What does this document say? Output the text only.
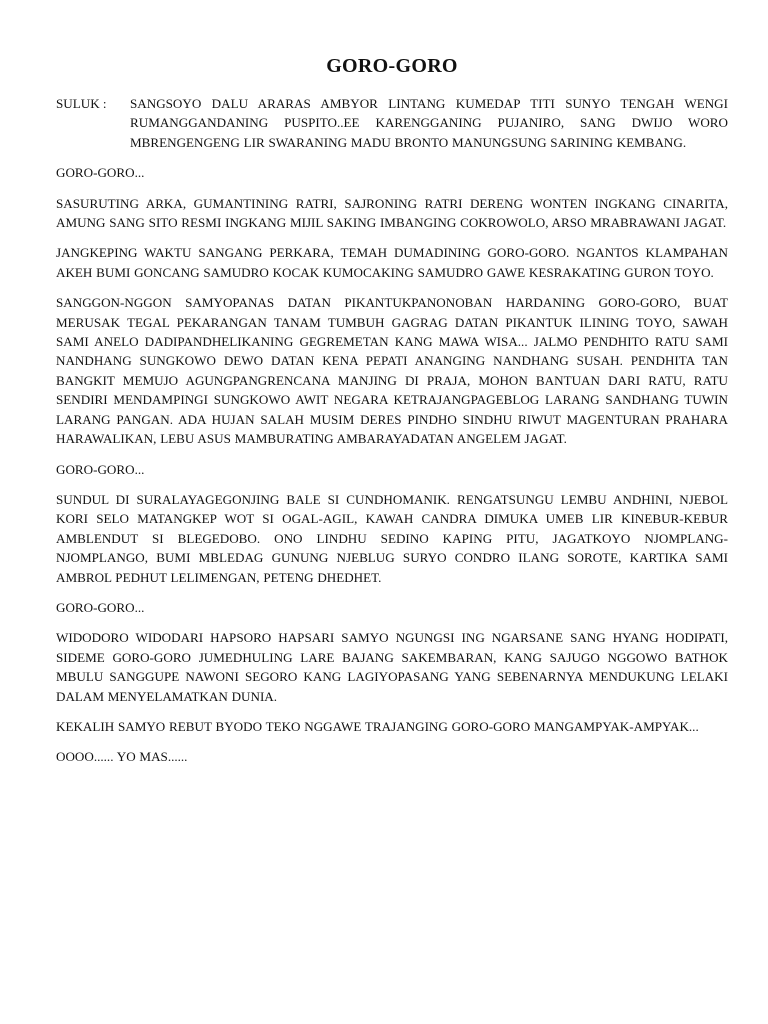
GORO-GORO
SULUK :	SANGSOYO DALU ARARAS AMBYOR LINTANG KUMEDAP TITI SUNYO TENGAH WENGI RUMANGGANDANING PUSPITO..EE KARENGGANING PUJANIRO, SANG DWIJO WORO MBRENGENGENG LIR SWARANING MADU BRONTO MANUNGSUNG SARINING KEMBANG.

GORO-GORO...

SASURUTING ARKA, GUMANTINING RATRI, SAJRONING RATRI DERENG WONTEN INGKANG CINARITA, AMUNG SANG SITO RESMI INGKANG MIJIL SAKING IMBANGING COKROWOLO, ARSO MRABRAWANI JAGAT.

JANGKEPING WAKTU SANGANG PERKARA, TEMAH DUMADINING GORO-GORO. NGANTOS KLAMPAHAN AKEH BUMI GONCANG SAMUDRO KOCAK KUMOCAKING SAMUDRO GAWE KESRAKATING GURON TOYO.

SANGGON-NGGON SAMYOPANAS DATAN PIKANTUKPANONOBAN HARDANING GORO-GORO, BUAT MERUSAK TEGAL PEKARANGAN TANAM TUMBUH GAGRAG DATAN PIKANTUK ILINING TOYO, SAWAH SAMI ANELO DADIPANDHELIKANING GEGREMETAN KANG MAWA WISA... JALMO PENDHITO RATU SAMI NANDHANG SUNGKOWO DEWO DATAN KENA PEPATI ANANGING NANDHANG SUSAH. PENDHITA TAN BANGKIT MEMUJO AGUNGPANGRENCANA MANJING DI PRAJA, MOHON BANTUAN DARI RATU, RATU SENDIRI MENDAMPINGI SUNGKOWO AWIT NEGARA KETRAJANGPAGEBLOG LARANG SANDHANG TUWIN LARANG PANGAN. ADA HUJAN SALAH MUSIM DERES PINDHO SINDHU RIWUT MAGENTURAN PRAHARA HARAWALIKAN, LEBU ASUS MAMBURATING AMBARAYADATAN ANGELEM JAGAT.

GORO-GORO...

SUNDUL DI SURALAYAGEGONJING BALE SI CUNDHOMANIK. RENGATSUNGU LEMBU ANDHINI, NJEBOL KORI SELO MATANGKEP WOT SI OGAL-AGIL, KAWAH CANDRA DIMUKA UMEB LIR KINEBUR-KEBUR AMBLENDUT SI BLEGEDOBO. ONO LINDHU SEDINO KAPING PITU, JAGATKOYO NJOMPLANG-NJOMPLANGO, BUMI MBLEDAG GUNUNG NJEBLUG SURYO CONDRO ILANG SOROTE, KARTIKA SAMI AMBROL PEDHUT LELIMENGAN, PETENG DHEDHET.

GORO-GORO...

WIDODORO WIDODARI HAPSORO HAPSARI SAMYO NGUNGSI ING NGARSANE SANG HYANG HODIPATI, SIDEME GORO-GORO JUMEDHULING LARE BAJANG SAKEMBARAN, KANG SAJUGO NGGOWO BATHOK MBULU SANGGUPE NAWONI SEGORO KANG LAGIYOPASANG YANG SEBENARNYA MENDUKUNG LELAKI DALAM MENYELAMATKAN DUNIA.

KEKALIH SAMYO REBUT BYODO TEKO NGGAWE TRAJANGING GORO-GORO MANGAMPYAK-AMPYAK...

OOOO...... YO MAS......
